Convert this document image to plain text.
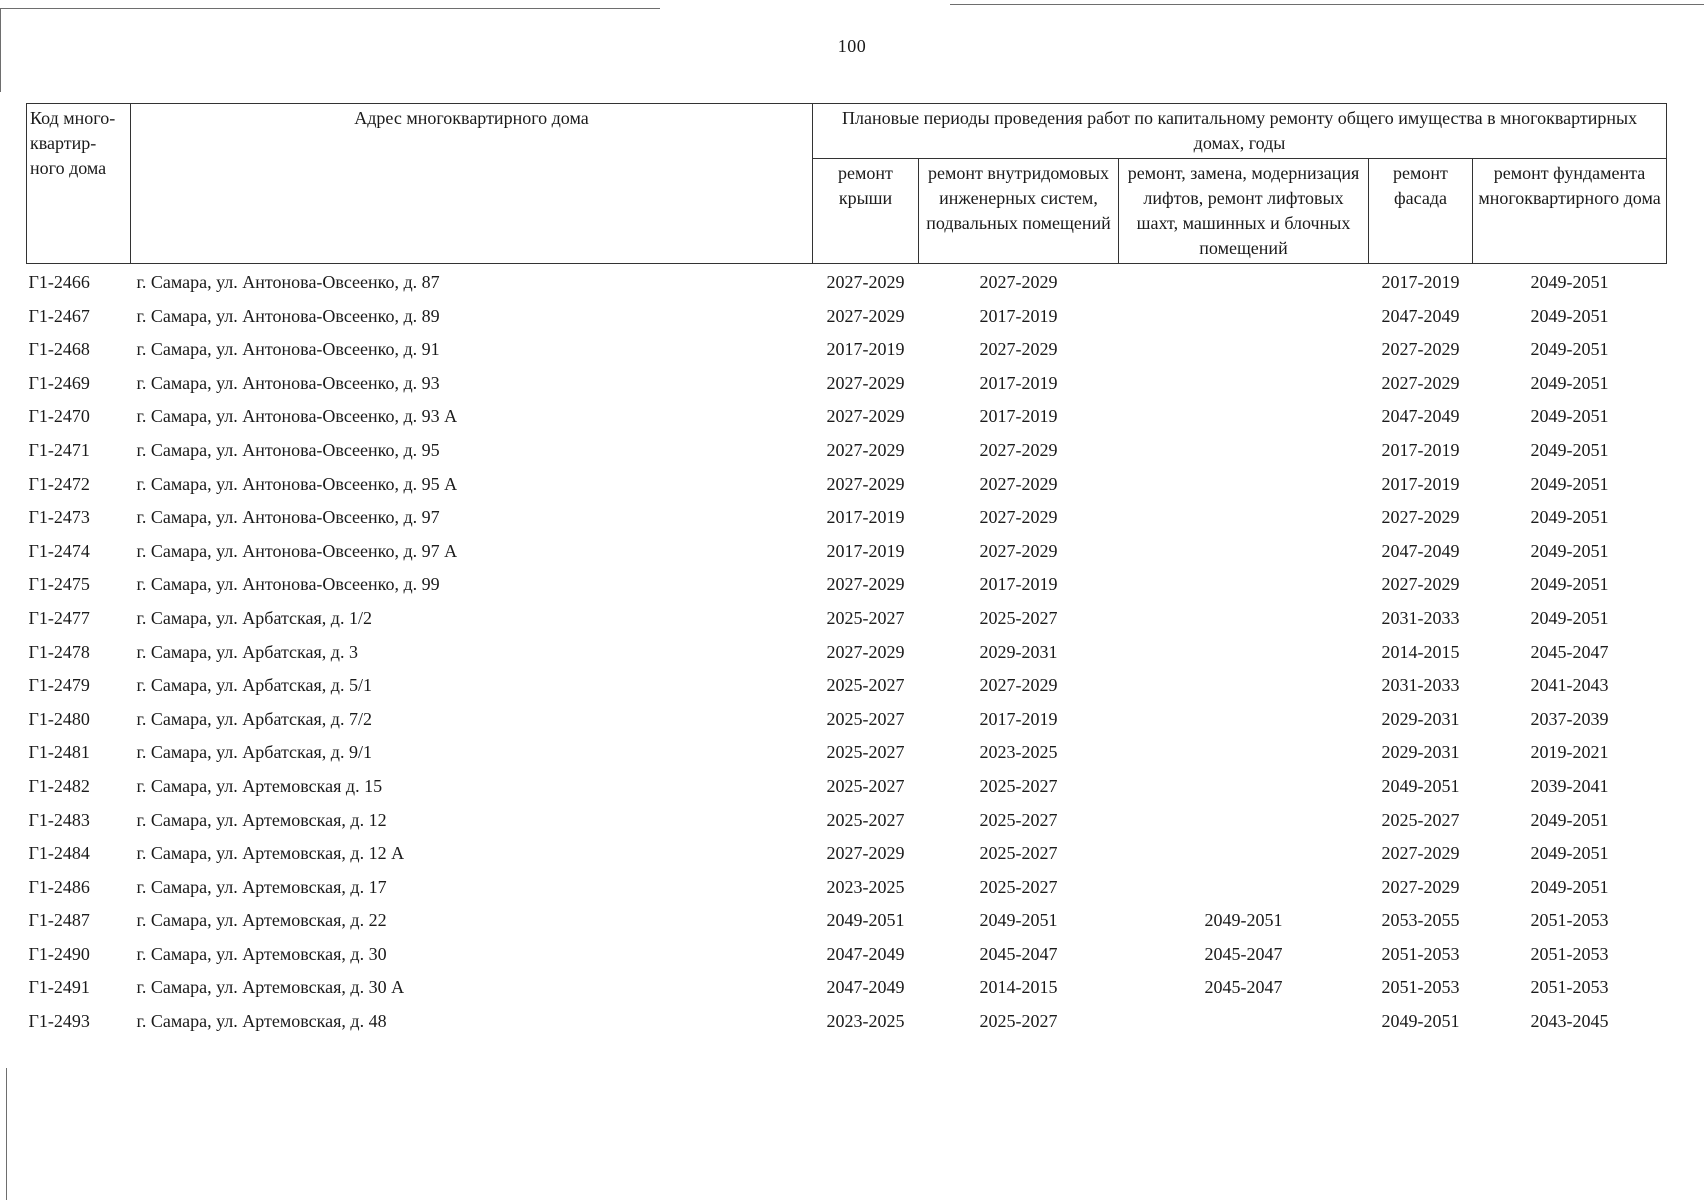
100
Код много-квартир-ного дома	Адрес многоквартирного дома	Плановые периоды проведения работ по капитальному ремонту общего имущества в многоквартирных домах, годы				
		ремонт крыши	ремонт внутридомовых инженерных систем, подвальных помещений	ремонт, замена, модернизация лифтов, ремонт лифтовых шахт, машинных и блочных помещений	ремонт фасада	ремонт фундамента многоквартирного дома
Г1-2466	г. Самара, ул. Антонова-Овсеенко, д. 87	2027-2029	2027-2029		2017-2019	2049-2051
Г1-2467	г. Самара, ул. Антонова-Овсеенко, д. 89	2027-2029	2017-2019		2047-2049	2049-2051
Г1-2468	г. Самара, ул. Антонова-Овсеенко, д. 91	2017-2019	2027-2029		2027-2029	2049-2051
Г1-2469	г. Самара, ул. Антонова-Овсеенко, д. 93	2027-2029	2017-2019		2027-2029	2049-2051
Г1-2470	г. Самара, ул. Антонова-Овсеенко, д. 93 А	2027-2029	2017-2019		2047-2049	2049-2051
Г1-2471	г. Самара, ул. Антонова-Овсеенко, д. 95	2027-2029	2027-2029		2017-2019	2049-2051
Г1-2472	г. Самара, ул. Антонова-Овсеенко, д. 95 А	2027-2029	2027-2029		2017-2019	2049-2051
Г1-2473	г. Самара, ул. Антонова-Овсеенко, д. 97	2017-2019	2027-2029		2027-2029	2049-2051
Г1-2474	г. Самара, ул. Антонова-Овсеенко, д. 97 А	2017-2019	2027-2029		2047-2049	2049-2051
Г1-2475	г. Самара, ул. Антонова-Овсеенко, д. 99	2027-2029	2017-2019		2027-2029	2049-2051
Г1-2477	г. Самара, ул. Арбатская, д. 1/2	2025-2027	2025-2027		2031-2033	2049-2051
Г1-2478	г. Самара, ул. Арбатская, д. 3	2027-2029	2029-2031		2014-2015	2045-2047
Г1-2479	г. Самара, ул. Арбатская, д. 5/1	2025-2027	2027-2029		2031-2033	2041-2043
Г1-2480	г. Самара, ул. Арбатская, д. 7/2	2025-2027	2017-2019		2029-2031	2037-2039
Г1-2481	г. Самара, ул. Арбатская, д. 9/1	2025-2027	2023-2025		2029-2031	2019-2021
Г1-2482	г. Самара, ул. Артемовская д. 15	2025-2027	2025-2027		2049-2051	2039-2041
Г1-2483	г. Самара, ул. Артемовская, д. 12	2025-2027	2025-2027		2025-2027	2049-2051
Г1-2484	г. Самара, ул. Артемовская, д. 12 А	2027-2029	2025-2027		2027-2029	2049-2051
Г1-2486	г. Самара, ул. Артемовская, д. 17	2023-2025	2025-2027		2027-2029	2049-2051
Г1-2487	г. Самара, ул. Артемовская, д. 22	2049-2051	2049-2051	2049-2051	2053-2055	2051-2053
Г1-2490	г. Самара, ул. Артемовская, д. 30	2047-2049	2045-2047	2045-2047	2051-2053	2051-2053
Г1-2491	г. Самара, ул. Артемовская, д. 30 А	2047-2049	2014-2015	2045-2047	2051-2053	2051-2053
Г1-2493	г. Самара, ул. Артемовская, д. 48	2023-2025	2025-2027		2049-2051	2043-2045
